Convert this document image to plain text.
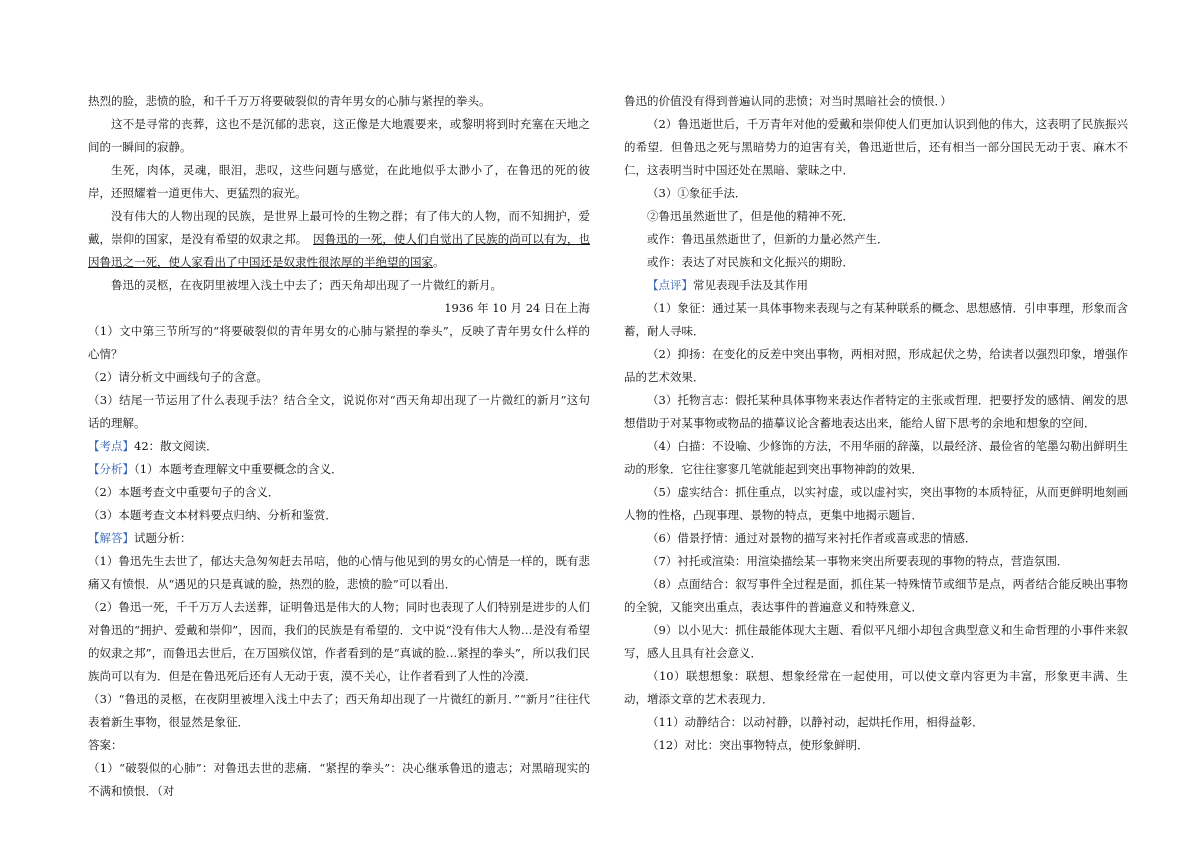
热烈的脸，悲愤的脸，和千千万万将要破裂似的青年男女的心肺与紧捏的拳头。

这不是寻常的丧葬，这也不是沉郁的悲哀，这正像是大地震要来，或黎明将到时充塞在天地之间的一瞬间的寂静。

生死，肉体，灵魂，眼泪，悲叹，这些问题与感觉，在此地似乎太渺小了，在鲁迅的死的彼岸，还照耀着一道更伟大、更猛烈的寂光。

没有伟大的人物出现的民族，是世界上最可怜的生物之群；有了伟大的人物，而不知拥护，爱戴，崇仰的国家，是没有希望的奴隶之邦。　 因鲁迅的一死，使人们自觉出了民族的尚可以有为，也因鲁迅之一死，使人家看出了中国还是奴隶性很浓厚的半绝望的国家。

鲁迅的灵柩，在夜阴里被埋入浅土中去了；西天角却出现了一片微红的新月。

1936 年 10 月 24 日在上海

（1）文中第三节所写的“将要破裂似的青年男女的心肺与紧捏的拳头”，反映了青年男女什么样的心情？

（2）请分析文中画线句子的含意。

（3）结尾一节运用了什么表现手法？结合全文，说说你对“西天角却出现了一片微红的新月”这句话的理解。

【考点】42：散文阅读．

【分析】（1）本题考查理解文中重要概念的含义．

（2）本题考查文中重要句子的含义．

（3）本题考查文本材料要点归纳、分析和鉴赏．

【解答】试题分析：

（1）鲁迅先生去世了，郁达夫急匆匆赶去吊唁，他的心情与他见到的男女的心情是一样的，既有悲痛又有愤恨．从“遇见的只是真诚的脸，热烈的脸，悲愤的脸”可以看出．

（2）鲁迅一死，千千万万人去送葬，证明鲁迅是伟大的人物；同时也表现了人们特别是进步的人们对鲁迅的“拥护、爱戴和崇仰”，因而，我们的民族是有希望的．文中说“没有伟大人物…是没有希望的奴隶之邦”，而鲁迅去世后，在万国殡仪馆，作者看到的是“真诚的脸…紧捏的拳头”，所以我们民族尚可以有为．但是在鲁迅死后还有人无动于衷，漠不关心，让作者看到了人性的冷漠．

（3）“鲁迅的灵柩，在夜阴里被埋入浅土中去了；西天角却出现了一片微红的新月．”“新月”往往代表着新生事物，很显然是象征．

答案：

（1）“破裂似的心肺”：对鲁迅去世的悲痛．“紧捏的拳头”：决心继承鲁迅的遗志；对黑暗现实的不满和愤恨．（对

鲁迅的价值没有得到普遍认同的悲愤；对当时黑暗社会的愤恨．）

（2）鲁迅逝世后，千万青年对他的爱戴和崇仰使人们更加认识到他的伟大，这表明了民族振兴的希望．但鲁迅之死与黑暗势力的迫害有关，鲁迅逝世后，还有相当一部分国民无动于衷、麻木不仁，这表明当时中国还处在黑暗、蒙昧之中．

（3）①象征手法．

②鲁迅虽然逝世了，但是他的精神不死．

或作：鲁迅虽然逝世了，但新的力量必然产生．

或作：表达了对民族和文化振兴的期盼．

【点评】常见表现手法及其作用

（1）象征：通过某一具体事物来表现与之有某种联系的概念、思想感情．引申事理，形象而含蓄，耐人寻味．

（2）抑扬：在变化的反差中突出事物，两相对照，形成起伏之势，给读者以强烈印象，增强作品的艺术效果．

（3）托物言志：假托某种具体事物来表达作者特定的主张或哲理．把要抒发的感情、阐发的思想借助于对某事物或物品的描摹议论含蓄地表达出来，能给人留下思考的余地和想象的空间．

（4）白描：不设喻、少修饰的方法，不用华丽的辞藻，以最经济、最俭省的笔墨勾勒出鲜明生动的形象．它往往寥寥几笔就能起到突出事物神韵的效果．

（5）虚实结合：抓住重点，以实衬虚，或以虚衬实，突出事物的本质特征，从而更鲜明地刻画人物的性格，凸现事理、景物的特点，更集中地揭示题旨．

（6）借景抒情：通过对景物的描写来衬托作者或喜或悲的情感．

（7）衬托或渲染：用渲染描绘某一事物来突出所要表现的事物的特点，营造氛围．

（8）点面结合：叙写事件全过程是面，抓住某一特殊情节或细节是点，两者结合能反映出事物的全貌，又能突出重点，表达事件的普遍意义和特殊意义．

（9）以小见大：抓住最能体现大主题、看似平凡细小却包含典型意义和生命哲理的小事件来叙写，感人且具有社会意义．

（10）联想想象：联想、想象经常在一起使用，可以使文章内容更为丰富，形象更丰满、生动，增添文章的艺术表现力．

（11）动静结合：以动衬静，以静衬动，起烘托作用，相得益彰．

（12）对比：突出事物特点，使形象鲜明．
